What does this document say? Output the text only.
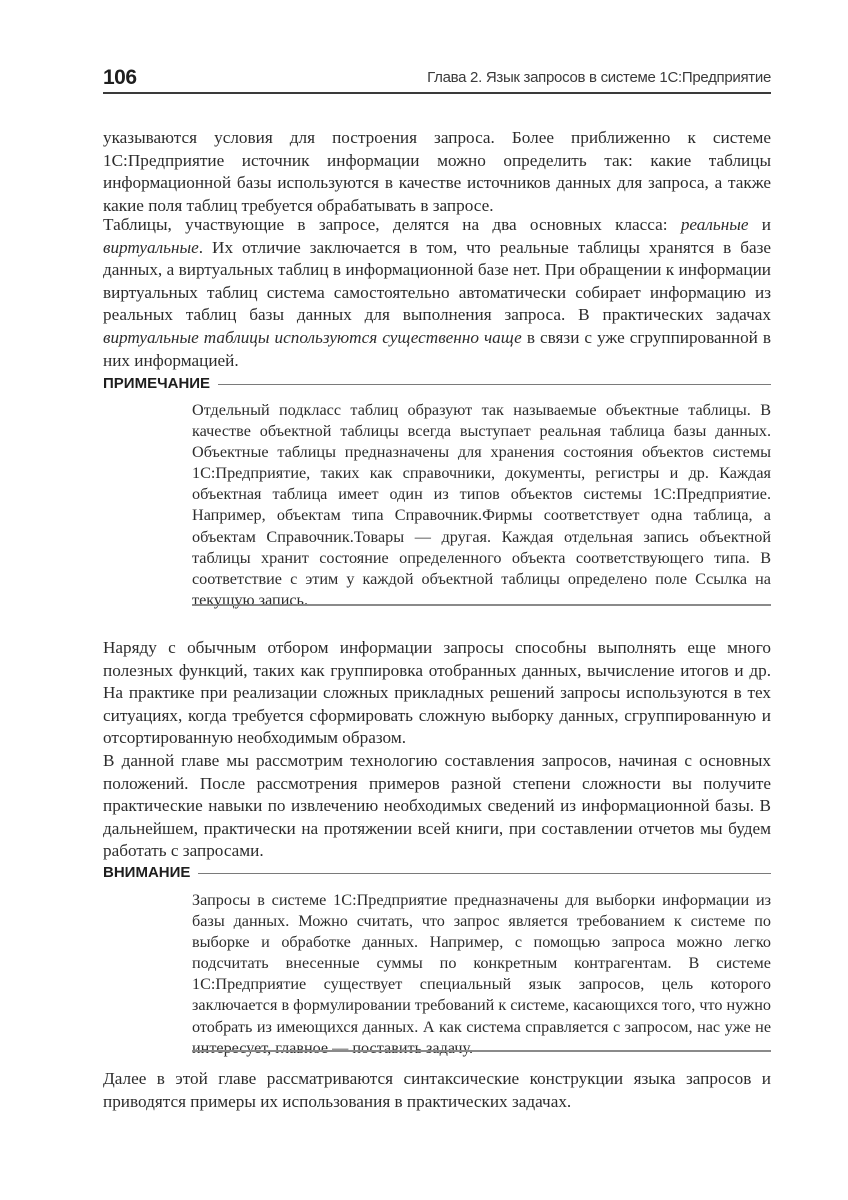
106	Глава 2. Язык запросов в системе 1С:Предприятие

указываются условия для построения запроса. Более приближенно к системе 1С:Предприятие источник информации можно определить так: какие таблицы информационной базы используются в качестве источников данных для запроса, а также какие поля таблиц требуется обрабатывать в запросе.

Таблицы, участвующие в запросе, делятся на два основных класса: реальные и виртуальные. Их отличие заключается в том, что реальные таблицы хранятся в базе данных, а виртуальных таблиц в информационной базе нет. При обращении к информации виртуальных таблиц система самостоятельно автоматически собирает информацию из реальных таблиц базы данных для выполнения запроса. В практических задачах виртуальные таблицы используются существенно чаще в связи с уже сгруппированной в них информацией.

ПРИМЕЧАНИЕ

Отдельный подкласс таблиц образуют так называемые объектные таблицы. В качестве объектной таблицы всегда выступает реальная таблица базы данных. Объектные таблицы предназначены для хранения состояния объектов системы 1С:Предприятие, таких как справочники, документы, регистры и др. Каждая объектная таблица имеет один из типов объектов системы 1С:Предприятие. Например, объектам типа Справочник.Фирмы соответствует одна таблица, а объектам Справочник.Товары — другая. Каждая отдельная запись объектной таблицы хранит состояние определенного объекта соответствующего типа. В соответствие с этим у каждой объектной таблицы определено поле Ссылка на текущую запись.

Наряду с обычным отбором информации запросы способны выполнять еще много полезных функций, таких как группировка отобранных данных, вычисление итогов и др. На практике при реализации сложных прикладных решений запросы используются в тех ситуациях, когда требуется сформировать сложную выборку данных, сгруппированную и отсортированную необходимым образом.

В данной главе мы рассмотрим технологию составления запросов, начиная с основных положений. После рассмотрения примеров разной степени сложности вы получите практические навыки по извлечению необходимых сведений из информационной базы. В дальнейшем, практически на протяжении всей книги, при составлении отчетов мы будем работать с запросами.

ВНИМАНИЕ

Запросы в системе 1С:Предприятие предназначены для выборки информации из базы данных. Можно считать, что запрос является требованием к системе по выборке и обработке данных. Например, с помощью запроса можно легко подсчитать внесенные суммы по конкретным контрагентам. В системе 1С:Предприятие существует специальный язык запросов, цель которого заключается в формулировании требований к системе, касающихся того, что нужно отобрать из имеющихся данных. А как система справляется с запросом, нас уже не интересует, главное — поставить задачу.

Далее в этой главе рассматриваются синтаксические конструкции языка запросов и приводятся примеры их использования в практических задачах.
